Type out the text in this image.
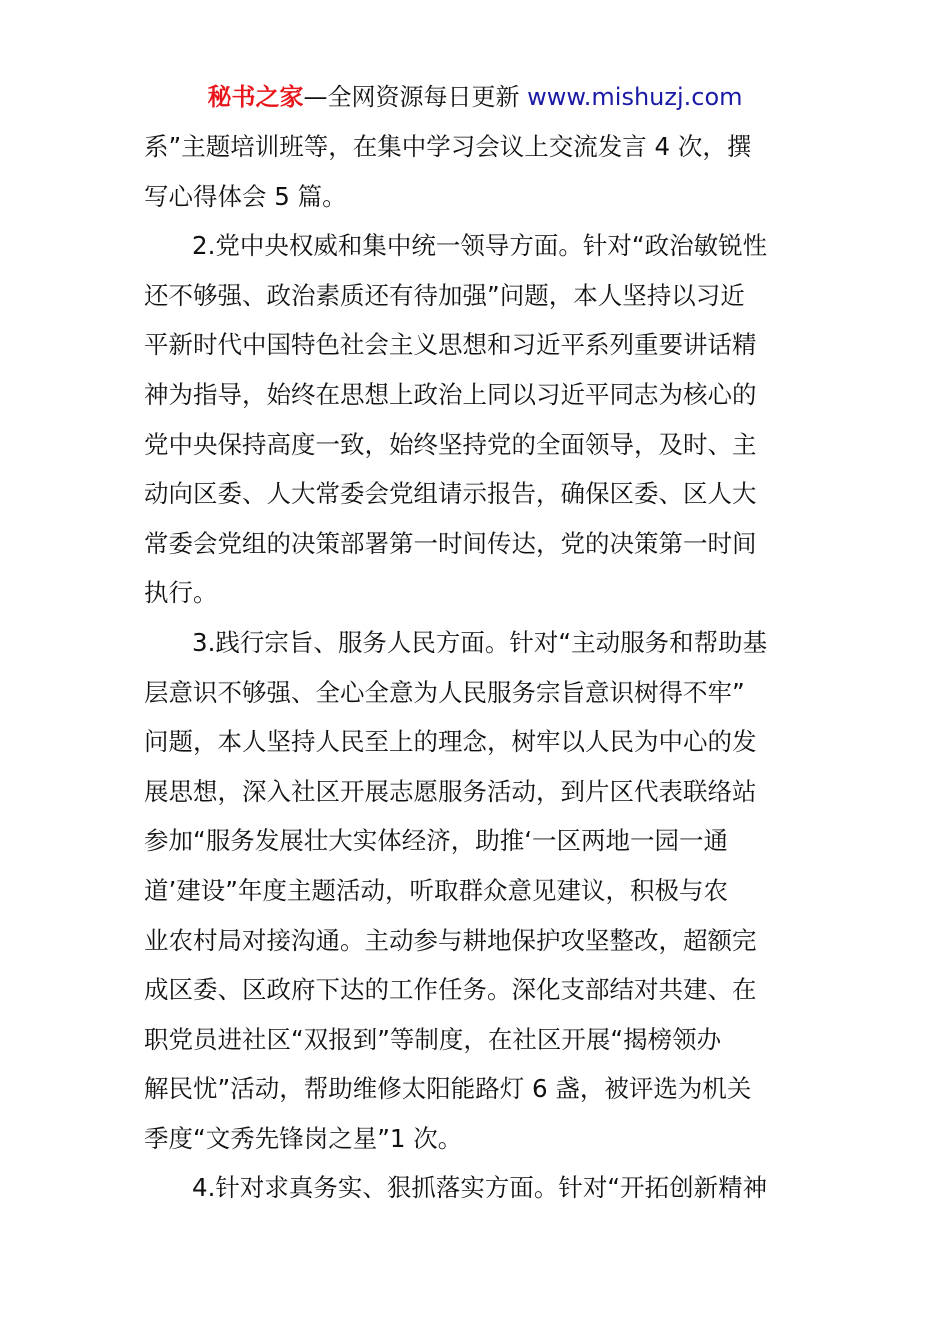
秘书之家—全网资源每日更新 www.mishuzj.com
系”主题培训班等，在集中学习会议上交流发言 4 次，撰
写心得体会 5 篇。
2.党中央权威和集中统一领导方面。针对“政治敏锐性
还不够强、政治素质还有待加强”问题，本人坚持以习近
平新时代中国特色社会主义思想和习近平系列重要讲话精
神为指导，始终在思想上政治上同以习近平同志为核心的
党中央保持高度一致，始终坚持党的全面领导，及时、主
动向区委、人大常委会党组请示报告，确保区委、区人大
常委会党组的决策部署第一时间传达，党的决策第一时间
执行。
3.践行宗旨、服务人民方面。针对“主动服务和帮助基
层意识不够强、全心全意为人民服务宗旨意识树得不牢”
问题，本人坚持人民至上的理念，树牢以人民为中心的发
展思想，深入社区开展志愿服务活动，到片区代表联络站
参加“服务发展壮大实体经济，助推‘一区两地一园一通
道’建设”年度主题活动，听取群众意见建议，积极与农
业农村局对接沟通。主动参与耕地保护攻坚整改，超额完
成区委、区政府下达的工作任务。深化支部结对共建、在
职党员进社区“双报到”等制度，在社区开展“揭榜领办
解民忧”活动，帮助维修太阳能路灯 6 盏，被评选为机关
季度“文秀先锋岗之星”1 次。
4.针对求真务实、狠抓落实方面。针对“开拓创新精神
